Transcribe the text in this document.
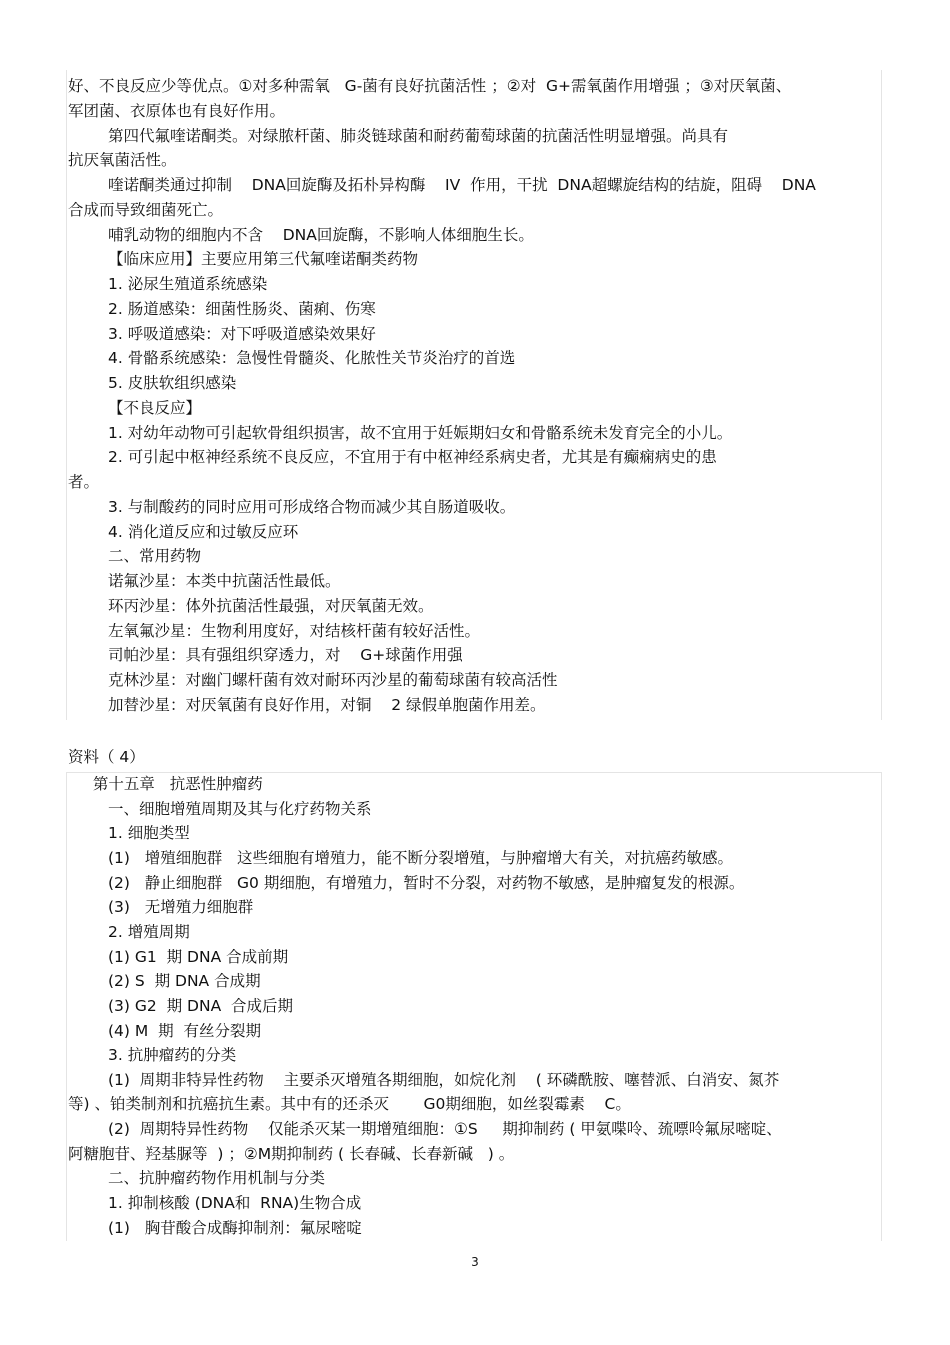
好、不良反应少等优点。①对多种需氧   G-菌有良好抗菌活性 ；②对  G+需氧菌作用增强 ；③对厌氧菌、
军团菌、衣原体也有良好作用。
第四代氟喹诺酮类。对绿脓杆菌、肺炎链球菌和耐药葡萄球菌的抗菌活性明显增强。尚具有
抗厌氧菌活性。
喹诺酮类通过抑制    DNA回旋酶及拓朴异构酶    IV  作用，干扰  DNA超螺旋结构的结旋，阻碍    DNA
合成而导致细菌死亡。
哺乳动物的细胞内不含    DNA回旋酶，不影响人体细胞生长。
【临床应用】主要应用第三代氟喹诺酮类药物
1. 泌尿生殖道系统感染
2. 肠道感染：细菌性肠炎、菌痢、伤寒
3. 呼吸道感染：对下呼吸道感染效果好
4. 骨骼系统感染：急慢性骨髓炎、化脓性关节炎治疗的首选
5. 皮肤软组织感染
【不良反应】
1. 对幼年动物可引起软骨组织损害，故不宜用于妊娠期妇女和骨骼系统未发育完全的小儿。
2. 可引起中枢神经系统不良反应，不宜用于有中枢神经系病史者，尤其是有癫痫病史的患
者。
3. 与制酸药的同时应用可形成络合物而减少其自肠道吸收。
4. 消化道反应和过敏反应环
二、常用药物
诺氟沙星：本类中抗菌活性最低。
环丙沙星：体外抗菌活性最强，对厌氧菌无效。
左氧氟沙星：生物利用度好，对结核杆菌有较好活性。
司帕沙星：具有强组织穿透力，对    G+球菌作用强
克林沙星：对幽门螺杆菌有效对耐环丙沙星的葡萄球菌有较高活性
加替沙星：对厌氧菌有良好作用，对铜    2 绿假单胞菌作用差。
资料（ 4）
第十五章   抗恶性肿瘤药
一、细胞增殖周期及其与化疗药物关系
1. 细胞类型
(1)   增殖细胞群   这些细胞有增殖力，能不断分裂增殖，与肿瘤增大有关，对抗癌药敏感。
(2)   静止细胞群   G0 期细胞，有增殖力，暂时不分裂，对药物不敏感，是肿瘤复发的根源。
(3)   无增殖力细胞群
2. 增殖周期
(1) G1  期 DNA 合成前期
(2) S  期 DNA 合成期
(3) G2  期 DNA  合成后期
(4) M  期  有丝分裂期
3. 抗肿瘤药的分类
(1)  周期非特异性药物    主要杀灭增殖各期细胞，如烷化剂    ( 环磷酰胺、噻替派、白消安、氮芥
等) 、铂类制剂和抗癌抗生素。其中有的还杀灭       G0期细胞，如丝裂霉素    C。
(2)  周期特异性药物    仅能杀灭某一期增殖细胞：①S     期抑制药 ( 甲氨喋呤、巯嘌呤氟尿嘧啶、
阿糖胞苷、羟基脲等  ) ；②M期抑制药 ( 长春碱、长春新碱   ) 。
二、抗肿瘤药物作用机制与分类
1. 抑制核酸 (DNA和  RNA)生物合成
(1)   胸苷酸合成酶抑制剂：氟尿嘧啶
3
